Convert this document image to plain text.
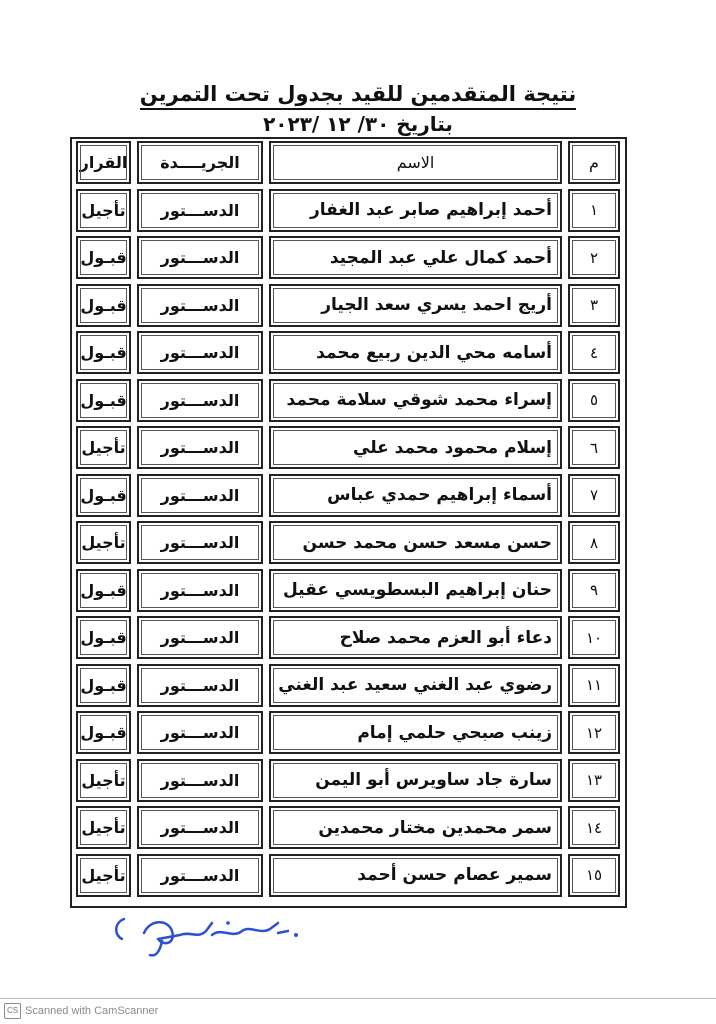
نتيجة المتقدمين للقيد بجدول تحت التمرين
بتاريخ ٣٠/ ١٢ /٢٠٢٣
م
الاسم
الجريــــدة
القرار
١
أحمد إبراهيم صابر عبد الغفار
الدســـتور
تأجيل
٢
أحمد كمال علي عبد المجيد
الدســـتور
قبـول
٣
أريج احمد يسري سعد الجيار
الدســـتور
قبـول
٤
أسامه محي الدين ربيع محمد
الدســـتور
قبـول
٥
إسراء محمد شوقي سلامة محمد
الدســـتور
قبـول
٦
إسلام محمود محمد علي
الدســـتور
تأجيل
٧
أسماء إبراهيم حمدي عباس
الدســـتور
قبـول
٨
حسن مسعد حسن محمد حسن
الدســـتور
تأجيل
٩
حنان إبراهيم البسطويسي عقيل
الدســـتور
قبـول
١٠
دعاء أبو العزم محمد صلاح
الدســـتور
قبـول
١١
رضوي عبد الغني سعيد عبد الغني
الدســـتور
قبـول
١٢
زينب صبحي حلمي إمام
الدســـتور
قبـول
١٣
سارة جاد ساويرس أبو اليمن
الدســـتور
تأجيل
١٤
سمر محمدين مختار محمدين
الدســـتور
تأجيل
١٥
سمير عصام حسن أحمد
الدســـتور
تأجيل
CS Scanned with CamScanner
